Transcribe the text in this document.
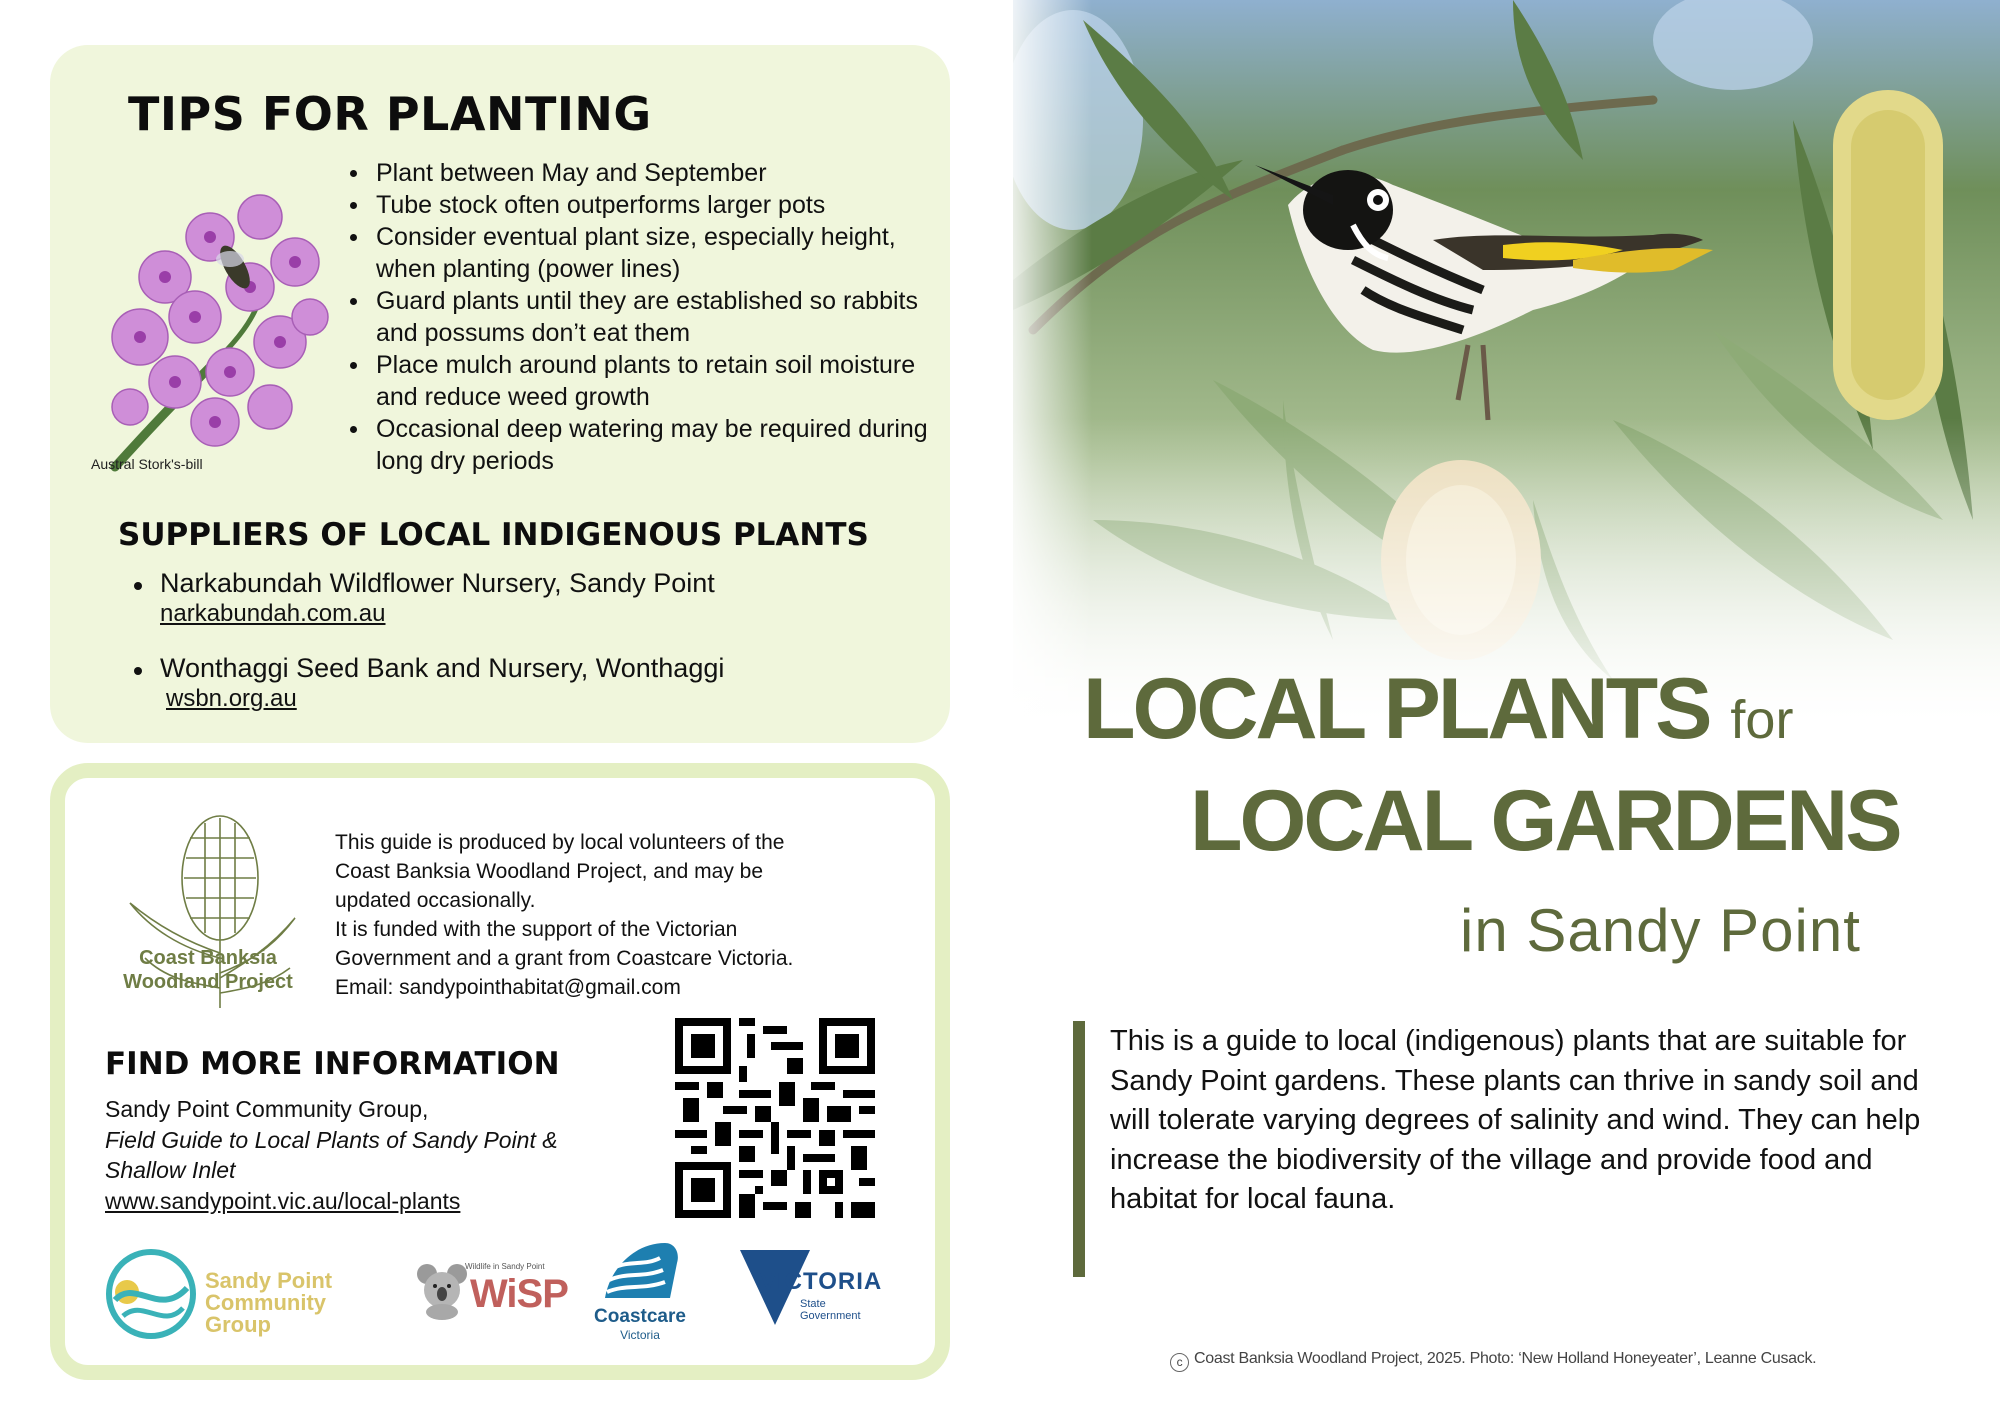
TIPS FOR PLANTING
Austral Stork's-bill
Plant between May and September
Tube stock often outperforms larger pots
Consider eventual plant size, especially height, when planting (power lines)
Guard plants until they are established so rabbits and possums don’t eat them
Place mulch around plants to retain soil moisture and reduce weed growth
Occasional deep watering may be required during long dry periods
SUPPLIERS OF LOCAL INDIGENOUS PLANTS
Narkabundah Wildflower Nursery, Sandy Point
narkabundah.com.au
Wonthaggi Seed Bank and Nursery, Wonthaggi
wsbn.org.au
Coast Banksia
Woodland Project
This guide is produced by local volunteers of the
Coast Banksia Woodland Project, and may be
updated occasionally.
It is funded with the support of the Victorian
Government and a grant from Coastcare Victoria.
Email: sandypointhabitat@gmail.com
FIND MORE INFORMATION
Sandy Point Community Group,
Field Guide to Local Plants of Sandy Point &
Shallow Inlet
www.sandypoint.vic.au/local-plants
Sandy Point
Community Group
Wildlife in Sandy Point
WiSP
Coastcare
Victoria
VICTORIA
State
Government
LOCAL PLANTS for
LOCAL GARDENS
in Sandy Point
This is a guide to local (indigenous) plants that are suitable for Sandy Point gardens. These plants can thrive in sandy soil and will tolerate varying degrees of salinity and wind. They can help increase the biodiversity of the village and provide food and habitat for local fauna.
c Coast Banksia Woodland Project, 2025. Photo: ‘New Holland Honeyeater’, Leanne Cusack.
